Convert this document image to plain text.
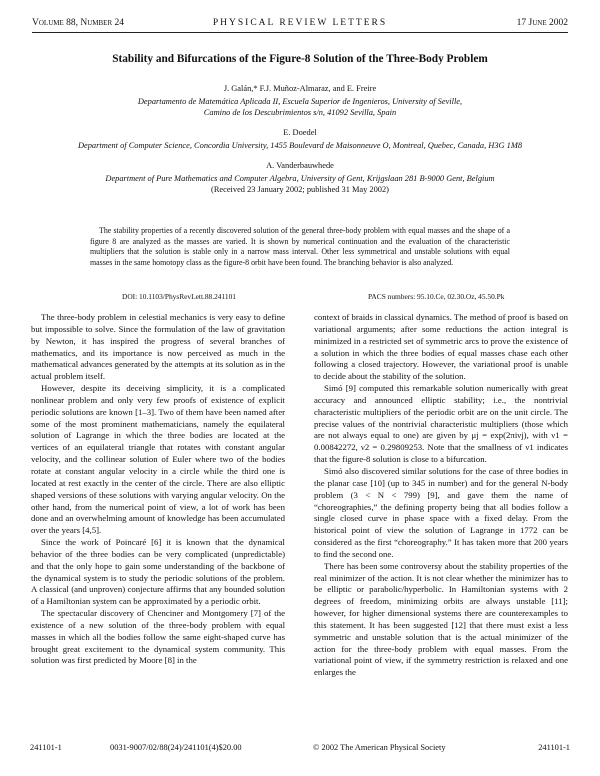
Volume 88, Number 24	PHYSICAL REVIEW LETTERS	17 June 2002
Stability and Bifurcations of the Figure-8 Solution of the Three-Body Problem
J. Galán,* F.J. Muñoz-Almaraz, and E. Freire
Departamento de Matemática Aplicada II, Escuela Superior de Ingenieros, University of Seville,
Camino de los Descubrimientos s/n, 41092 Sevilla, Spain
E. Doedel
Department of Computer Science, Concordia University, 1455 Boulevard de Maisonneuve O, Montreal, Quebec, Canada, H3G 1M8
A. Vanderbauwhede
Department of Pure Mathematics and Computer Algebra, University of Gent, Krijgslaan 281 B-9000 Gent, Belgium
(Received 23 January 2002; published 31 May 2002)
The stability properties of a recently discovered solution of the general three-body problem with equal masses and the shape of a figure 8 are analyzed as the masses are varied. It is shown by numerical continuation and the evaluation of the characteristic multipliers that the solution is stable only in a narrow mass interval. Other less symmetrical and unstable solutions with equal masses in the same homotopy class as the figure-8 orbit have been found. The branching behavior is also analyzed.
DOI: 10.1103/PhysRevLett.88.241101	PACS numbers: 95.10.Ce, 02.30.Oz, 45.50.Pk

The three-body problem in celestial mechanics is very easy to define but impossible to solve. Since the formulation of the law of gravitation by Newton, it has inspired the progress of several branches of mathematics, and its importance is now perceived as much in the mathematical advances generated by the attempts at its solution as in the actual problem itself.

However, despite its deceiving simplicity, it is a complicated nonlinear problem and only very few proofs of existence of explicit periodic solutions are known [1–3]. Two of them have been named after some of the most prominent mathematicians, namely the equilateral solution of Lagrange in which the three bodies are located at the vertices of an equilateral triangle that rotates with constant angular velocity, and the collinear solution of Euler where two of the bodies rotate at constant angular velocity in a circle while the third one is located at rest exactly in the center of the circle. There are also elliptic shaped versions of these solutions with varying angular velocity. On the other hand, from the numerical point of view, a lot of work has been done and an overwhelming amount of knowledge has been accumulated over the years [4,5].

Since the work of Poincaré [6] it is known that the dynamical behavior of the three bodies can be very complicated (unpredictable) and that the only hope to gain some understanding of the backbone of the dynamical system is to study the periodic solutions of the problem. A classical (and unproven) conjecture affirms that any bounded solution of a Hamiltonian system can be approximated by a periodic orbit.

The spectacular discovery of Chenciner and Montgomery [7] of the existence of a new solution of the three-body problem with equal masses in which all the bodies follow the same eight-shaped curve has brought great excitement to the dynamical system community. This solution was first predicted by Moore [8] in the

context of braids in classical dynamics. The method of proof is based on variational arguments; after some reductions the action integral is minimized in a restricted set of symmetric arcs to prove the existence of a solution in which the three bodies of equal masses chase each other following a closed trajectory. However, the variational proof is unable to decide about the stability of the solution.

Simó [9] computed this remarkable solution numerically with great accuracy and announced elliptic stability; i.e., the nontrivial characteristic multipliers of the periodic orbit are on the unit circle. The precise values of the nontrivial characteristic multipliers (those which are not always equal to one) are given by μj = exp(2πiνj), with ν1 = 0.00842272, ν2 = 0.29809253. Note that the smallness of ν1 indicates that the figure-8 solution is close to a bifurcation.

Simó also discovered similar solutions for the case of three bodies in the planar case [10] (up to 345 in number) and for the general N-body problem (3 < N < 799) [9], and gave them the name of “choreographies,” the defining property being that all bodies follow a single closed curve in phase space with a fixed delay. From the historical point of view the solution of Lagrange in 1772 can be considered as the first “choreography.” It has taken more that 200 years to find the second one.

There has been some controversy about the stability properties of the real minimizer of the action. It is not clear whether the minimizer has to be elliptic or parabolic/hyperbolic. In Hamiltonian systems with 2 degrees of freedom, minimizing orbits are always unstable [11]; however, for higher dimensional systems there are counterexamples to this statement. It has been suggested [12] that there must exist a less symmetric and unstable solution that is the actual minimizer of the action for the three-body problem with equal masses. From the variational point of view, if the symmetry restriction is relaxed and one enlarges the

241101-1	0031-9007/02/88(24)/241101(4)$20.00	© 2002 The American Physical Society	241101-1
